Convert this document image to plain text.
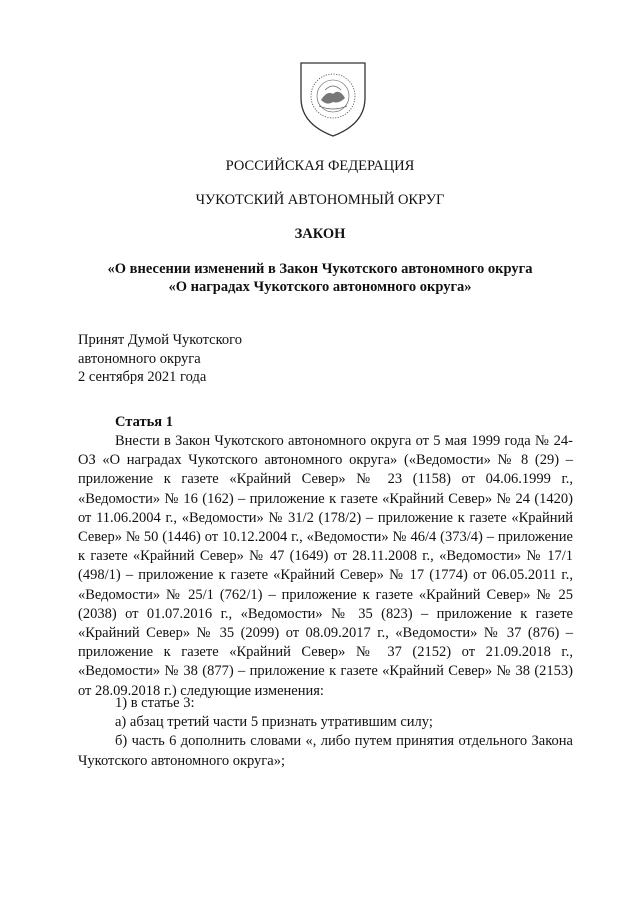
РОССИЙСКАЯ ФЕДЕРАЦИЯ
ЧУКОТСКИЙ АВТОНОМНЫЙ ОКРУГ
ЗАКОН
«О внесении изменений в Закон Чукотского автономного округа
«О наградах Чукотского автономного округа»
Принят Думой Чукотского
автономного округа
2 сентября 2021 года
Статья 1

Внести в Закон Чукотского автономного округа от 5 мая 1999 года № 24-ОЗ «О наградах Чукотского автономного округа» («Ведомости» № 8 (29) – приложение к газете «Крайний Север» № 23 (1158) от 04.06.1999 г., «Ведомости» № 16 (162) – приложение к газете «Крайний Север» № 24 (1420) от 11.06.2004 г., «Ведомости» № 31/2 (178/2) – приложение к газете «Крайний Север» № 50 (1446) от 10.12.2004 г., «Ведомости» № 46/4 (373/4) – приложение к газете «Крайний Север» № 47 (1649) от 28.11.2008 г., «Ведомости» № 17/1 (498/1) – приложение к газете «Крайний Север» № 17 (1774) от 06.05.2011 г., «Ведомости» № 25/1 (762/1) – приложение к газете «Крайний Север» № 25 (2038) от 01.07.2016 г., «Ведомости» № 35 (823) – приложение к газете «Крайний Север» № 35 (2099) от 08.09.2017 г., «Ведомости» № 37 (876) – приложение к газете «Крайний Север» № 37 (2152) от 21.09.2018 г., «Ведомости» № 38 (877) – приложение к газете «Крайний Север» № 38 (2153) от 28.09.2018 г.) следующие изменения:

1) в статье 3:

а) абзац третий части 5 признать утратившим силу;

б) часть 6 дополнить словами «, либо путем принятия отдельного Закона Чукотского автономного округа»;
